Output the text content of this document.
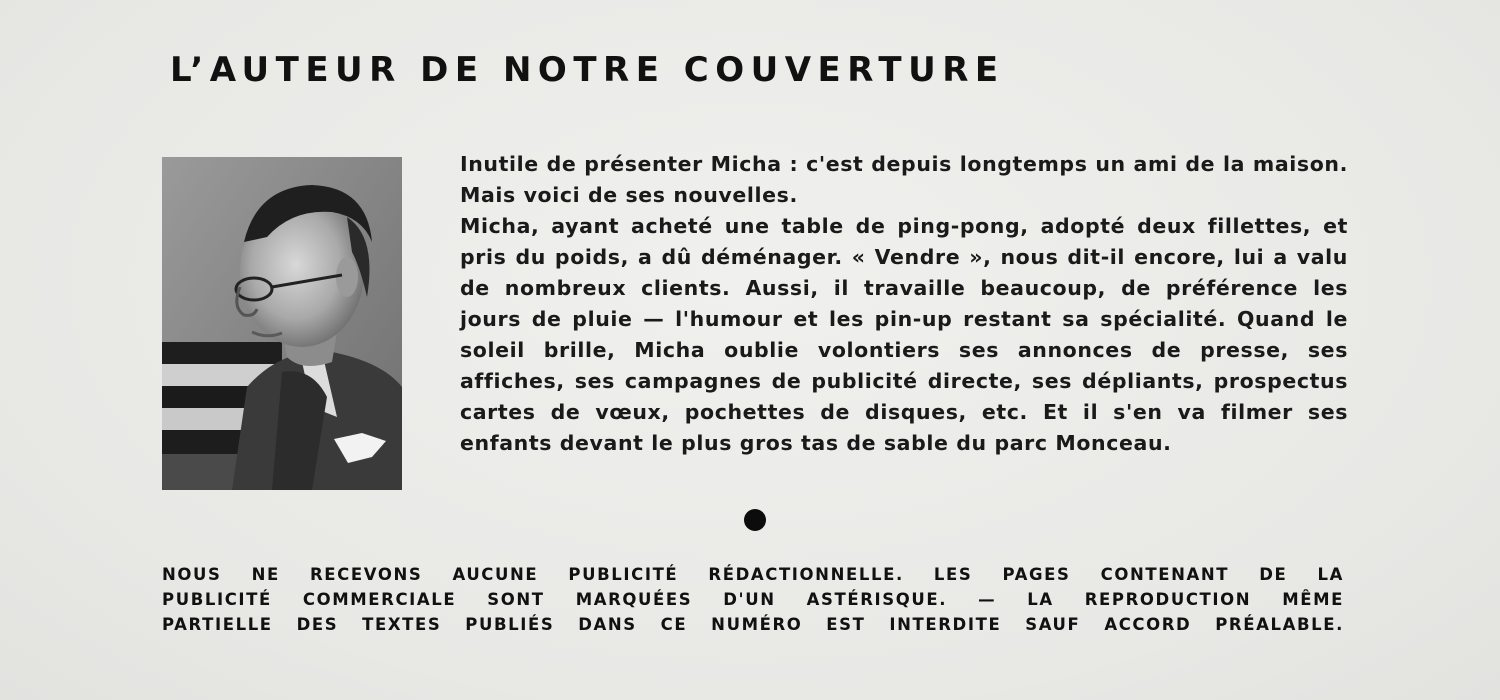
L’AUTEUR DE NOTRE COUVERTURE

Inutile de présenter Micha : c'est depuis longtemps un ami de la maison. Mais voici de ses nouvelles.

Micha, ayant acheté une table de ping-pong, adopté deux fillettes, et pris du poids, a dû déménager. « Vendre », nous dit-il encore, lui a valu de nombreux clients. Aussi, il travaille beaucoup, de préférence les jours de pluie — l'humour et les pin-up restant sa spécialité. Quand le soleil brille, Micha oublie volontiers ses annonces de presse, ses affiches, ses campagnes de publicité directe, ses dépliants, prospectus cartes de vœux, pochettes de disques, etc. Et il s'en va filmer ses enfants devant le plus gros tas de sable du parc Monceau.

NOUS NE RECEVONS AUCUNE PUBLICITÉ RÉDACTIONNELLE. LES PAGES CONTENANT DE LA
PUBLICITÉ COMMERCIALE SONT MARQUÉES D'UN ASTÉRISQUE. — LA REPRODUCTION MÊME
PARTIELLE DES TEXTES PUBLIÉS DANS CE NUMÉRO EST INTERDITE SAUF ACCORD PRÉALABLE.
